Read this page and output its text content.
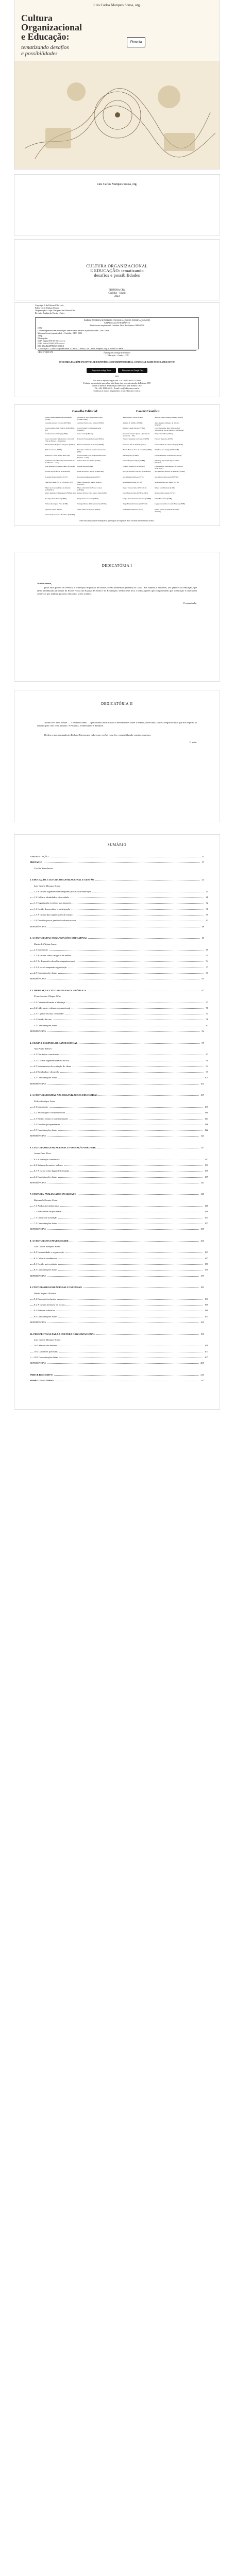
Luis Carlos Marques Sousa, org.
Cultura
Organizacional
e Educação:
tematizando desafios
e possibilidades
Pimenta
Luis Carlos Marques Sousa, org.
CULTURA ORGANIZACIONAL
E EDUCAÇÃO: tematizando
desafios e possibilidades
EDITORA CRV
Curitiba – Brasil
2023
Copyright © da Editora CRV Ltda.
Editor-chefe: Railson Moura
Diagramação e Capa: Designers da Editora CRV
Revisão: Analista de Escrita e Artes
DADOS INTERNACIONAIS DE CATALOGAÇÃO NA PUBLICAÇÃO (CIP)
CATALOGAÇÃO NA FONTE
Bibliotecária responsável: Luzenira Alves dos Santos CRB9/1506
C974
Cultura organizacional e educação: tematizando desafios e possibilidades / Luis Carlos
Marques Sousa (organizador). – Curitiba : CRV, 2023.
238 p.
Bibliografia
ISBN Digital 978-65-251-xxxx-x
ISBN Físico 978-65-251-xxxx-x
DOI 10.24824/978652510000.0
1. Educação 2. Cultura organizacional 3. Gestão I. Sousa, Luis Carlos Marques. org. II. Título III. Série.
CDU 37 CDD 370	Índice para catálogo sistemático
1. Educação – Gestão – 370
ESTA OBRA TAMBÉM ENCONTRA-SE DISPONÍVEL EM FORMATO DIGITAL. CONHEÇA E BAIXE NOSSO APLICATIVO!
Disponível na App Store	Disponível no Google Play
2023
Foi feito o depósito legal conf. Lei 10.994 de 14/12/2004
Proibida a reprodução parcial ou total desta obra sem autorização da Editora CRV
Todos os direitos desta edição reservados pela: Editora CRV
Tel.: (41) 3039-6418 – E-mail: sac@editoracrv.com.br
Conheça os nossos lançamentos: www.editoracrv.com.br
Conselho Editorial:	Comitê Científico:
Este livro passou por avaliação e aprovação às cegas de dois ou mais pareceristas ad hoc.
Aldira Guimarães Duarte Domínguez (UNB)
Andréia da Silva Quintanilha Sousa (UNIR/UFRN)
Anselmo Alencar Colares (UFOPA)	Antônio Pereira Gaio Júnior (UFRRJ)
Carlos Alberto Vilar Estêvão (UMINHO – PT)
Carlos Federico Dominguez Avila (Unieuro)
Carmen Tereza Velanga (UNIR)	Celso Conti (UFSCar)
Cesar Gerónimo Tello (Univer .Nacional Três de Febrero – Argentina)
Eduardo Fernandes Barbosa (UFMG)
Elione Maria Nogueira Diogenes (UFAL)	Elizeu Clementino de Souza (UNEB)
Élsio José Corá (UFFS)	Fernando Antônio Gonçalves Alcoforado (IPB)
Francisco Carlos Duarte (PUC-PR)	Gloria Fariñas León (Universidade de La Havana – Cuba)
Guillermo Arias Beatón (Universidade de La Havana – Cuba)
Jailson Alves dos Santos (UFRJ)
João Adalberto Campato Junior (UNESP)	Josania Portela (UFPI)
Leonel Severo Rocha (UNISINOS)	Lídia de Oliveira Xavier (UNIEURO)
Lourdes Helena da Silva (UFV)	Luciano Rodrigues Costa (UFV)
Marcelo Paixão (UFRJ e UTexas – US)	Maria Cristina dos Santos Bezerra (UFSCar)
Maria de Lourdes Pinto de Almeida (UNOESC)
Maria Lília Imbiriba Sousa Colares (UFOPA)
Paulo Romualdo Hernandes (UNIFAL-MG) Renato Francisco dos Santos Paula (UFG)
Rodrigo Pratte-Santos (UFES)	Sérgio Nunes de Jesus (IFRO)
Simone Rodrigues Pinto (UNB)	Solange Helena Ximenes-Rocha (UFOPA)
Sydione Santos (UEPG)	Tadeu Oliver Gonçalves (UFPA)
Tania Suely Azevedo Brasileiro (UFOPA)
Altair Alberto Fávero (UPF)	Ana Chrystina Venancio Mignot (UERJ)
Andréia N. Militão (UEMS)	Anna Augusta Sampaio de Oliveira (UNESP)
Barbara Coelho Neves (UFBA)	Cesar Gerónimo Tello (Universidad Nacional de Tres de Febrero – Argentina)
Diosnel Centurion (Univ Autónoma de Assunción – PY)
Eliane Rose Maio (UEM)
Elizeu Clementino de Souza (UNEB)	Fauston Negreiros (UFPI)
Francisco Ari de Andrade (UFC)	Gláucia Maria dos Santos Jorge (UFOP)
Helder Buenos Aires de Carvalho (UFPI)	Ilma Passos A. Veiga (UNICEUB)
Inês Bragança (UERJ)	José de Ribamar Sousa Pereira (UCB)
Jussara Fraga Portugal (UNEB)	Kilwangy Kya Kapitango-a-Samba (Unemat)
Lourdes Helena da Silva (UFV)	Lucia Marisy Souza Ribeiro de Oliveira (UNIVASF)
Marcos Vinicius Francisco (UNOESTE)	Maria Eurácia Barreto de Andrade (UFRB)
Maria Helena Barbosa (UFV)	Maria Lucia Morrone (UNIFESP)
Mohammed Elhajji (UFRJ)	Mônica Pereira dos Santos (UFRJ)
Najela Tavares Ujiie (UNESPAR)	Nilson José Machado (USP)
Oscar Ferreira Neto (UNIFAL-MG)	Regina Célia Grando (UFSC)
Sérgio Ricardo Pereira Cardoso (UNEB)	Silvia Ester Orrú (UNB)
Tiago Brentam Pereira (UNIFESP)	Uyguaciara Velôso Castelo Branco (UFPB)
Valdir Heitor Barzotto (USP)	Wilma Pastor de Andrade Sobrinho (UFRRJ)
DEDICATÓRIA I
A Adão Sousa,
pelos anos pobres de vivência e orientação de poucos de nossos jovens nordestinos (Sertão) do Ceará. Aos homens e mulheres, aos gestores da educação, que tanto trabalharam para fazer da Escola Nossa um Espaço de Sonho e de Realização. Dedico este livro a todos aqueles que compreendem que a educação é uma tarefa coletiva e que nenhum processo educativo se faz sozinho.
O organizador
DEDICATÓRIA II
A meu avô, meu Mestre — o Pequeno Sábio — que ensinou meus irmãos e descendentes sobre a ternura, sobre tudo, sobre a alegria de tudo que diz respeito ao respeito para com o ser humano. A Pequena, à Maestrina e à Sambaré.
Dedico a meu companheiro Richard Parsons por tudo o que vocês t e que fez, compartilhando comigo os passos.
O autor
SUMÁRIO
APRESENTAÇÃO	11
PREFÁCIO	17
Cecília Warschauer
1. EDUCAÇÃO, CULTURA ORGANIZACIONAL E GESTÃO	23
Luis Carlos Marques Sousa
1.1 A cultura organizacional enquanto processo de mediação	25
1.2 Cultura, identidade e diversidade	28
1.3 Organização escolar e sua natureza	32
1.4 Gestão democrática e participação	36
1.5 A cultura das organizações de ensino	39
1.6 Desafios para a gestão da cultura escolar	42
REFERÊNCIAS	46
2. A CULTURA DAS ORGANIZAÇÕES EDUCATIVAS	49
Maria de Fátima Sousa
2.1 Introdução	49
2.2 A cultura como categoria de análise	51
2.3 As dimensões da cultura organizacional	54
2.4 A escola enquanto organização	57
2.5 Considerações finais	61
REFERÊNCIAS	63
3. LIDERANÇA E CULTURA NA ESCOLA PÚBLICA	67
Francisco das Chagas Silva
3.1 Contextualizando a liderança	67
3.2 Liderança e cultura organizacional	70
3.3 O gestor escolar como líder	74
3.4 Estudo de caso	78
3.5 Considerações finais	82
REFERÊNCIAS	84
4. CLIMA E CULTURA ORGANIZACIONAL	87
Ana Paula Ribeiro
4.1 Distinções conceituais	87
4.2 O clima organizacional na escola	90
4.3 Instrumentos de avaliação do clima	94
4.4 Resultados e discussão	97
4.5 Considerações finais	101
REFERÊNCIAS	103
5. A CULTURA DIGITAL NAS ORGANIZAÇÕES EDUCATIVAS	107
Pedro Henrique Lima
5.1 Introdução	107
5.2 Tecnologias e cultura escolar	110
5.3 Ensino remoto e transformações	114
5.4 Desafios pós-pandemia	118
5.5 Considerações finais	122
REFERÊNCIAS	124
6. CULTURA ORGANIZACIONAL E FORMAÇÃO DOCENTE	127
Joana Darc Alves
6.1 A formação continuada	127
6.2 Saberes docentes e cultura	131
6.3 A escola como lugar de formação	135
6.4 Considerações finais	139
REFERÊNCIAS	141
7. CULTURA, AVALIAÇÃO E QUALIDADE	145
Raimundo Nonato Costa
7.1 Avaliação institucional	145
7.2 Indicadores de qualidade	149
7.3 Cultura de avaliação	153
7.4 Considerações finais	157
REFERÊNCIAS	159
8. A CULTURA NA UNIVERSIDADE	163
Luis Carlos Marques Sousa
8.1 Universidade e organização	163
8.2 Culturas acadêmicas	167
8.3 Gestão universitária	171
8.4 Considerações finais	175
REFERÊNCIAS	177
9. CULTURA ORGANIZACIONAL E INCLUSÃO	181
Marta Regina Oliveira
9.1 Educação inclusiva	181
9.2 A cultura inclusiva na escola	185
9.3 Práticas e desafios	189
9.4 Considerações finais	193
REFERÊNCIAS	195
10. PERSPECTIVAS PARA A CULTURA ORGANIZACIONAL	199
Luis Carlos Marques Sousa
10.1 Síntese dos debates	199
10.2 Caminhos possíveis	203
10.3 Considerações finais	207
REFERÊNCIAS	209
ÍNDICE REMISSIVO	213
SOBRE OS AUTORES	217
